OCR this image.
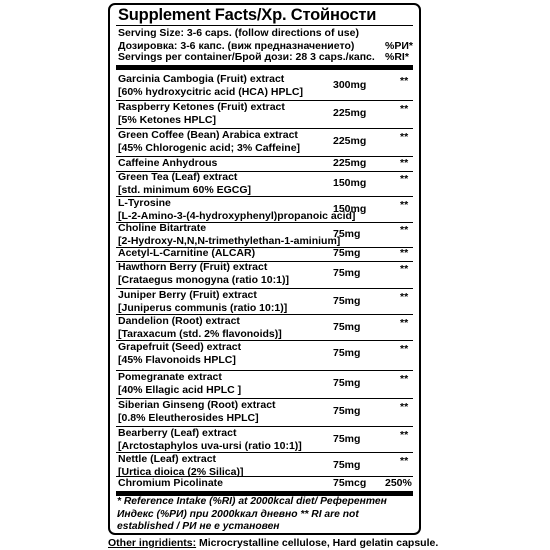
Supplement Facts/Хр. Стойности
Serving Size: 3-6 caps. (follow directions of use)
Дозировка: 3-6 капс. (виж предназначението)
Servings per container/Брой дози: 28 3 caps./капс.
%РИ*
%RI*
* Reference Intake (%RI) at 2000kcal diet/ Референтен Индекс (%РИ) при 2000kкал дневно ** RI are not established / РИ не е установен
Garcinia Cambogia (Fruit) extract
[60% hydroxycitric acid (HCA) HPLC]
300mg	**
Raspberry Ketones (Fruit) extract
[5% Ketones HPLC]
225mg	**
Green Coffee (Bean) Arabica extract
[45% Chlorogenic acid; 3% Caffeine]
225mg	**
Caffeine Anhydrous	225mg	**
Green Tea (Leaf) extract
[std. minimum 60% EGCG]
150mg	**
L-Tyrosine
[L-2-Amino-3-(4-hydroxyphenyl)propanoic acid]
150mg	**
Choline Bitartrate
[2-Hydroxy-N,N,N-trimethylethan-1-aminium]
75mg	**
Acetyl-L-Carnitine (ALCAR)	75mg	**
Hawthorn Berry (Fruit) extract
[Crataegus monogyna (ratio 10:1)]
75mg	**
Juniper Berry (Fruit) extract
[Juniperus communis (ratio 10:1)]
75mg	**
Dandelion (Root) extract
[Taraxacum (std. 2% flavonoids)]
75mg	**
Grapefruit (Seed) extract
[45% Flavonoids HPLC]
75mg	**
Pomegranate extract
[40% Ellagic acid HPLC ]
75mg	**
Siberian Ginseng (Root) extract
[0.8% Eleutherosides HPLC]
75mg	**
Bearberry (Leaf) extract
[Arctostaphylos uva-ursi (ratio 10:1)]
75mg	**
Nettle (Leaf) extract
[Urtica dioica (2% Silica)]
75mg	**
Chromium Picolinate	75mcg 250%
Other ingridients: Microcrystalline cellulose, Hard gelatin capsule.
